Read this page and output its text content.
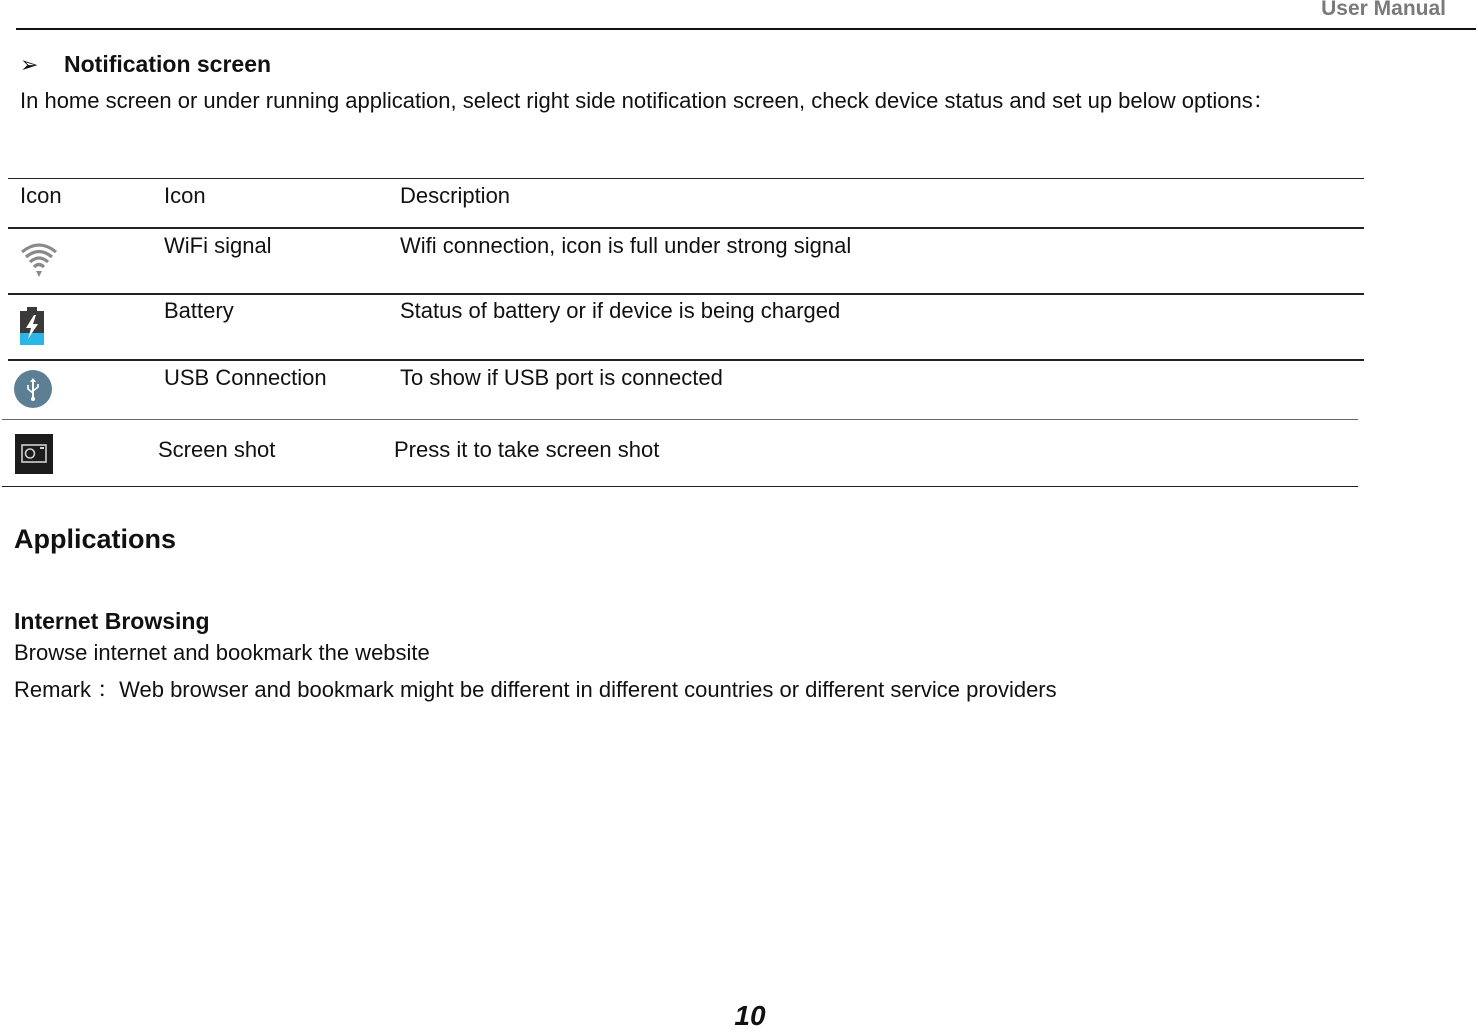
User Manual
➢	Notification screen
In home screen or under running application, select right side notification screen, check device status and set up below options：
Icon	Icon	Description
WiFi signal	Wifi connection, icon is full under strong signal
Battery	Status of battery or if device is being charged
USB Connection	To show if USB port is connected
Screen shot	Press it to take screen shot
Applications
Internet Browsing
Browse internet and bookmark the website
Remark ：Web browser and bookmark might be different in different countries or different service providers
10
